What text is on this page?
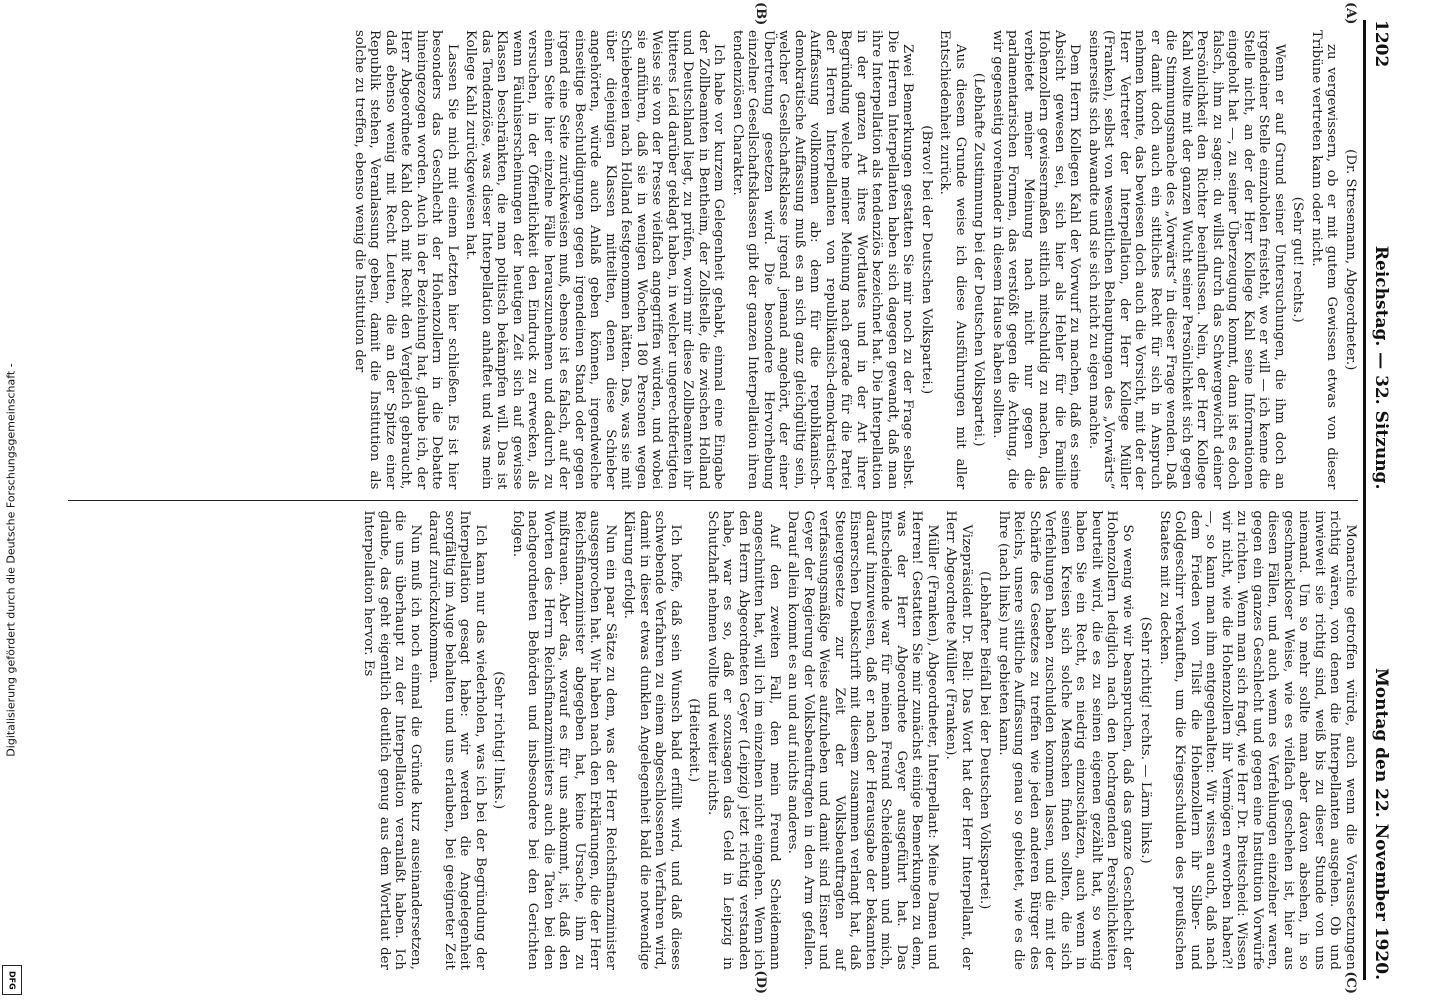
Digitalisierung gefördert durch die Deutsche Forschungsgemeinschaft -
DFG
1202
Reichstag. — 32. Sitzung.
Montag den 22. November 1920.
(A)
(B)

(Dr. Stresemann, Abgeordneter.)

zu vergewissern, ob er mit gutem Gewissen etwas von dieser Tribüne vertreten kann oder nicht.

(Sehr gut! rechts.)

Wenn er auf Grund seiner Untersuchungen, die ihm doch an irgendeiner Stelle einzuholen freisteht, wo er will — ich kenne die Stelle nicht, an der der Herr Kollege Kahl seine Informationen eingeholt hat —, zu seiner Überzeugung kommt, dann ist es doch falsch, ihm zu sagen: du willst durch das Schwergewicht deiner Persönlichkeit den Richter beeinflussen. Nein, der Herr Kollege Kahl wollte mit der ganzen Wucht seiner Persönlichkeit sich gegen die Stimmungsmache des „Vorwärts“ in dieser Frage wenden. Daß er damit doch auch ein sittliches Recht für sich in Anspruch nehmen konnte, das bewiesen doch auch die Vorsicht, mit der der Herr Vertreter der Interpellation, der Herr Kollege Müller (Franken), selbst von wesentlichen Behauptungen des „Vorwärts“ seinerseits sich abwandte und sie sich nicht zu eigen machte.

Dem Herrn Kollegen Kahl der Vorwurf zu machen, daß es seine Absicht gewesen sei, sich hier als Hehler für die Familie Hohenzollern gewissermaßen sittlich mitschuldig zu machen, das verbietet meiner Meinung nach nicht nur gegen die parlamentarischen Formen, das verstößt gegen die Achtung, die wir gegenseitig voreinander in diesem Hause haben sollten.

(Lebhafte Zustimmung bei der Deutschen Volkspartei.)

Aus diesem Grunde weise ich diese Ausführungen mit aller Entschiedenheit zurück.

(Bravo! bei der Deutschen Volkspartei.)

Zwei Bemerkungen gestatten Sie mir noch zu der Frage selbst. Die Herren Interpellanten haben sich dagegen gewandt, daß man ihre Interpellation als tendenziös bezeichnet hat. Die Interpellation in der ganzen Art ihres Wortlautes und in der Art ihrer Begründung welche meiner Meinung nach gerade für die Partei der Herren Interpellanten von republikanisch-demokratischer Auffassung vollkommen ab: denn für die republikanisch-demokratische Auffassung muß es an sich ganz gleichgültig sein, welcher Gesellschaftsklasse irgend jemand angehört, der einer Übertretung gesetzen wird. Die besondere Hervorhebung einzelner Gesellschaftsklassen gibt der ganzen Interpellation ihren tendenziösen Charakter.

Ich habe vor kurzem Gelegenheit gehabt, einmal eine Eingabe der Zollbeamten in Bentheim, der Zollstelle, die zwischen Holland und Deutschland liegt, zu prüfen, worin mir diese Zollbeamten ihr bitteres Leid darüber geklagt haben, in welcher ungerechtfertigten Weise sie von der Presse vielfach angegriffen würden, und wobei sie anführen, daß sie in wenigen Wochen 180 Personen wegen Schiebereien nach Holland festgenommen hätten. Das, was sie mit über diejenigen Klassen mitteilten, denen diese Schieber angehörten, würde auch Anlaß geben können, irgendwelche einseitige Beschuldigungen gegen irgendeinen Stand oder gegen irgend eine Seite zurückweisen muß, ebenso ist es falsch, auf der einen Seite hier einzelne Fälle herauszunehmen und dadurch zu versuchen, in der Öffentlichkeit den Eindruck zu erwecken, als wenn Fäulniserscheinungen der heutigen Zeit sich auf gewisse Klassen beschränkten, die man politisch bekämpfen will. Das ist das Tendenziöse, was dieser Interpellation anhaftet und was mein Kollege Kahl zurückgewiesen hat.

Lassen Sie mich mit einem Letzten hier schließen. Es ist hier besonders das Geschlecht der Hohenzollern in die Debatte hineingezogen worden. Auch in der Beziehung hat, glaube ich, der Herr Abgeordnete Kahl doch mit Recht den Vergleich gebraucht, daß ebenso wenig mit Recht Leuten, die an der Spitze einer Republik stehen, Veranlassung geben, damit die Institution als solche zu treffen, ebenso wenig die Institution der

(C)
(D)

Monarchie getroffen würde, auch wenn die Voraussetzungen richtig wären, von denen die Interpellanten ausgehen. Ob und inwieweit sie richtig sind, weiß bis zu dieser Stunde von uns niemand. Um so mehr sollte man aber davon absehen, in so geschmackloser Weise, wie es vielfach geschehen ist, hier aus diesen Fällen, und auch wenn es Verfehlungen einzelner waren, gegen ein ganzes Geschlecht und gegen eine Institution Vorwürfe zu richten. Wenn man sich fragt, wie Herr Dr. Breitscheid: Wissen wir nicht, wie die Hohenzollern ihr Vermögen erworben haben?! —, so kann man ihm entgegenhalten: Wir wissen auch, daß nach dem Frieden von Tilsit die Hohenzollern ihr Silber- und Goldgeschirr verkauften, um die Kriegsschulden des preußischen Staates mit zu decken.

(Sehr richtig! rechts. — Lärm links.)

So wenig wie wir beanspruchen, daß das ganze Geschlecht der Hohenzollern lediglich nach den hochragenden Persönlichkeiten beurteilt wird, die es zu seinen eigenen gezählt hat, so wenig haben Sie ein Recht, es niedrig einzuschätzen, auch wenn in seinen Kreisen sich solche Menschen finden sollten, die sich Verfehlungen haben zuschulden kommen lassen, und die mit der Schärfe des Gesetzes zu treffen wie jeden anderen Bürger des Reichs, unsere sittliche Auffassung genau so gebietet, wie es die Ihre (nach links) nur gebieten kann.

(Lebhafter Beifall bei der Deutschen Volkspartei.)

Vizepräsident Dr. Bell: Das Wort hat der Herr Interpellant, der Herr Abgeordnete Müller (Franken).

Müller (Franken), Abgeordneter, Interpellant: Meine Damen und Herren! Gestatten Sie mir zunächst einige Bemerkungen zu dem, was der Herr Abgeordnete Geyer ausgeführt hat. Das Entscheidende war für meinen Freund Scheidemann und mich, darauf hinzuweisen, daß er nach der Herausgabe der bekannten Eisnerschen Denkschrift mit diesem zusammen verlangt hat, daß Steuergesetze zur Zeit der Volksbeauftragten auf verfassungsmäßige Weise aufzuheben und damit sind Eisner und Geyer der Regierung der Volksbeauftragten in den Arm gefallen. Darauf allein kommt es an und auf nichts anderes.

Auf den zweiten Fall, den mein Freund Scheidemann angeschnitten hat, will ich im einzelnen nicht eingehen. Wenn ich den Herrn Abgeordneten Geyer (Leipzig) jetzt richtig verstanden habe, war es so, daß er sozusagen das Geld in Leipzig in Schutzhaft nehmen wollte und weiter nichts.

(Heiterkeit.)

Ich hoffe, daß sein Wunsch bald erfüllt wird, und daß dieses schwebende Verfahren zu einem abgeschlossenen Verfahren wird, damit in dieser etwas dunklen Angelegenheit bald die notwendige Klärung erfolgt.

Nun ein paar Sätze zu dem, was der Herr Reichsfinanzminister ausgesprochen hat. Wir haben nach den Erklärungen, die der Herr Reichsfinanzminister abgegeben hat, keine Ursache, ihm zu mißtrauen. Aber das, worauf es für uns ankommt, ist, daß den Worten des Herrn Reichsfinanzministers auch die Taten bei den nachgeordneten Behörden und insbesondere bei den Gerichten folgen.

(Sehr richtig! links.)

Ich kann nur das wiederholen, was ich bei der Begründung der Interpellation gesagt habe: wir werden die Angelegenheit sorgfältig im Auge behalten und uns erlauben, bei geeigneter Zeit darauf zurückzukommen.

Nun muß ich noch einmal die Gründe kurz auseinandersetzen, die uns überhaupt zu der Interpellation veranlaßt haben. Ich glaube, das geht eigentlich deutlich genug aus dem Wortlaut der Interpellation hervor. Es
